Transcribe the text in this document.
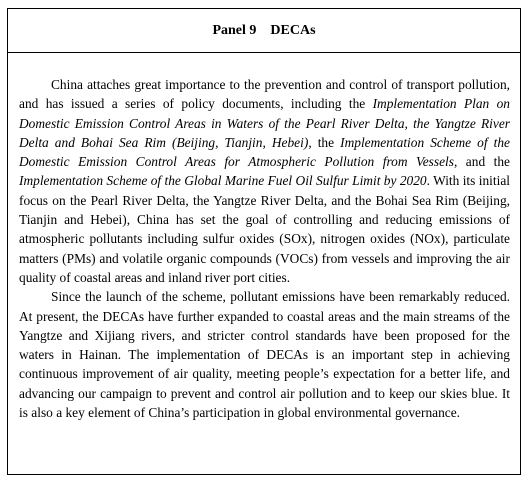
Panel 9 DECAs

China attaches great importance to the prevention and control of transport pollution, and has issued a series of policy documents, including the Implementation Plan on Domestic Emission Control Areas in Waters of the Pearl River Delta, the Yangtze River Delta and Bohai Sea Rim (Beijing, Tianjin, Hebei), the Implementation Scheme of the Domestic Emission Control Areas for Atmospheric Pollution from Vessels, and the Implementation Scheme of the Global Marine Fuel Oil Sulfur Limit by 2020. With its initial focus on the Pearl River Delta, the Yangtze River Delta, and the Bohai Sea Rim (Beijing, Tianjin and Hebei), China has set the goal of controlling and reducing emissions of atmospheric pollutants including sulfur oxides (SOx), nitrogen oxides (NOx), particulate matters (PMs) and volatile organic compounds (VOCs) from vessels and improving the air quality of coastal areas and inland river port cities.

Since the launch of the scheme, pollutant emissions have been remarkably reduced. At present, the DECAs have further expanded to coastal areas and the main streams of the Yangtze and Xijiang rivers, and stricter control standards have been proposed for the waters in Hainan. The implementation of DECAs is an important step in achieving continuous improvement of air quality, meeting people’s expectation for a better life, and advancing our campaign to prevent and control air pollution and to keep our skies blue. It is also a key element of China’s participation in global environmental governance.
